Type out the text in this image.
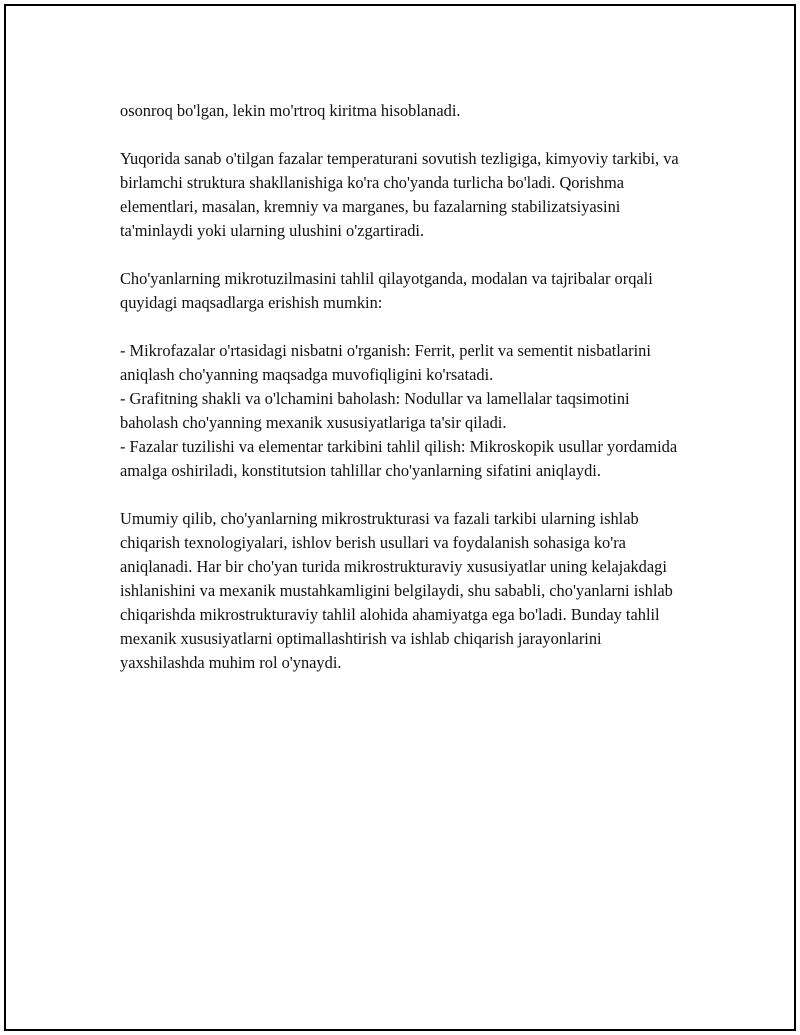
osonroq bo'lgan, lekin mo'rtroq kiritma hisoblanadi.

Yuqorida sanab o'tilgan fazalar temperaturani sovutish tezligiga, kimyoviy tarkibi, va birlamchi struktura shakllanishiga ko'ra cho'yanda turlicha bo'ladi. Qorishma elementlari, masalan, kremniy va marganes, bu fazalarning stabilizatsiyasini ta'minlaydi yoki ularning ulushini o'zgartiradi.

Cho'yanlarning mikrotuzilmasini tahlil qilayotganda, modalan va tajribalar orqali quyidagi maqsadlarga erishish mumkin:

- Mikrofazalar o'rtasidagi nisbatni o'rganish: Ferrit, perlit va sementit nisbatlarini aniqlash cho'yanning maqsadga muvofiqligini ko'rsatadi.

- Grafitning shakli va o'lchamini baholash: Nodullar va lamellalar taqsimotini baholash cho'yanning mexanik xususiyatlariga ta'sir qiladi.

- Fazalar tuzilishi va elementar tarkibini tahlil qilish: Mikroskopik usullar yordamida amalga oshiriladi, konstitutsion tahlillar cho'yanlarning sifatini aniqlaydi.

Umumiy qilib, cho'yanlarning mikrostrukturasi va fazali tarkibi ularning ishlab chiqarish texnologiyalari, ishlov berish usullari va foydalanish sohasiga ko'ra aniqlanadi. Har bir cho'yan turida mikrostrukturaviy xususiyatlar uning kelajakdagi ishlanishini va mexanik mustahkamligini belgilaydi, shu sababli, cho'yanlarni ishlab chiqarishda mikrostrukturaviy tahlil alohida ahamiyatga ega bo'ladi. Bunday tahlil mexanik xususiyatlarni optimallashtirish va ishlab chiqarish jarayonlarini yaxshilashda muhim rol o'ynaydi.
